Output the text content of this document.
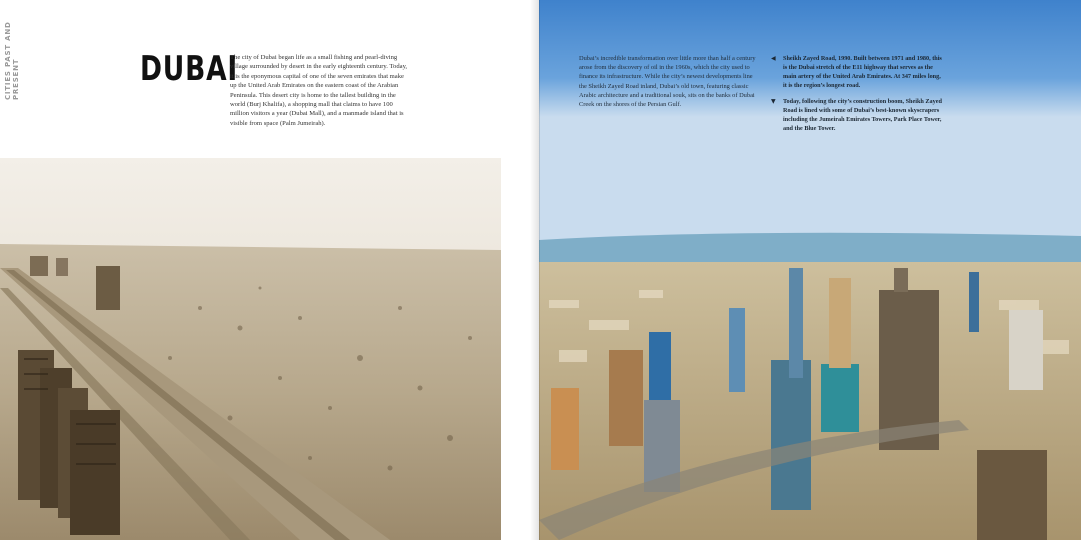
CITIES PAST AND PRESENT	DUBAI

The city of Dubai began life as a small fishing and pearl-diving village surrounded by desert in the early eighteenth century. Today, it is the eponymous capital of one of the seven emirates that make up the United Arab Emirates on the eastern coast of the Arabian Peninsula. This desert city is home to the tallest building in the world (Burj Khalifa), a shopping mall that claims to have 100 million visitors a year (Dubai Mall), and a manmade island that is visible from space (Palm Jumeirah).

Dubai’s incredible transformation over little more than half a century arose from the discovery of oil in the 1960s, which the city used to finance its infrastructure. While the city’s newest developments line the Sheikh Zayed Road inland, Dubai’s old town, featuring classic Arabic architecture and a traditional souk, sits on the banks of Dubai Creek on the shores of the Persian Gulf.

◀ Sheikh Zayed Road, 1990. Built between 1971 and 1980, this is the Dubai stretch of the E11 highway that serves as the main artery of the United Arab Emirates. At 347 miles long, it is the region’s longest road.

▼ Today, following the city’s construction boom, Sheikh Zayed Road is lined with some of Dubai’s best-known skyscrapers including the Jumeirah Emirates Towers, Park Place Tower, and the Blue Tower.
